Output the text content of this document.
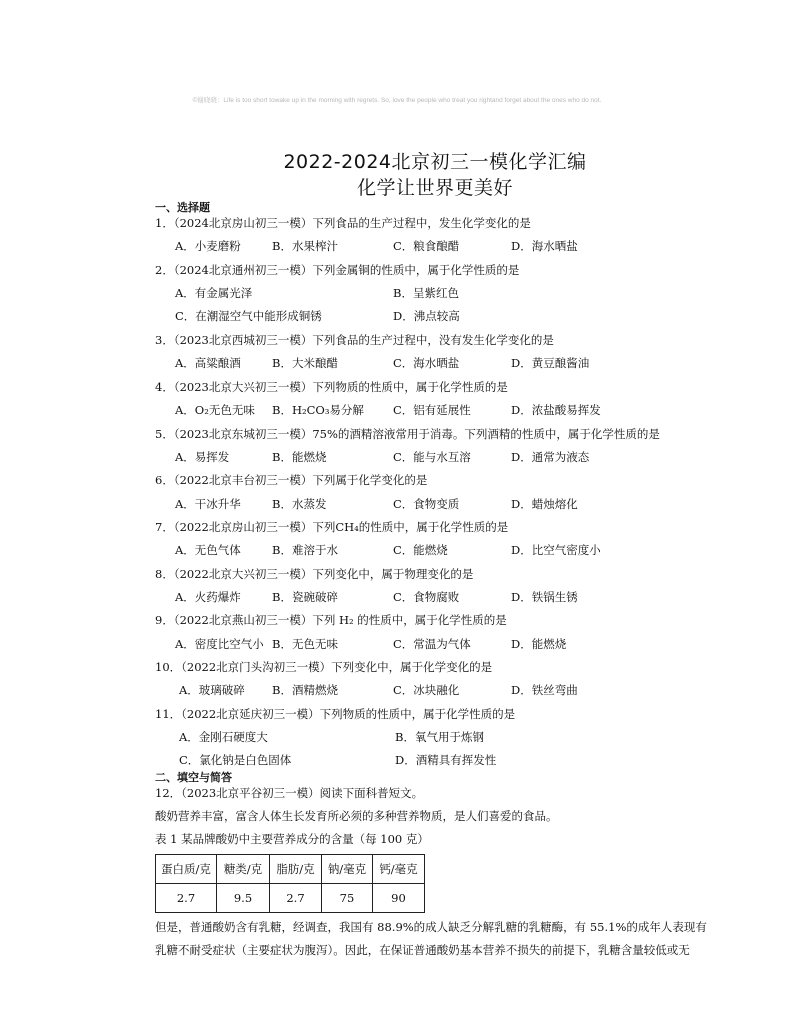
©谢晓晓：Life is too short towake up in the morning with regrets. So, love the people who treat you rightand forget about the ones who do not.
2022-2024北京初三一模化学汇编
化学让世界更美好
一、选择题
1．（2024北京房山初三一模）下列食品的生产过程中，发生化学变化的是
A．小麦磨粉	B．水果榨汁	C．粮食酿醋	D．海水晒盐
2．（2024北京通州初三一模）下列金属铜的性质中，属于化学性质的是
A．有金属光泽	B．呈紫红色
C．在潮湿空气中能形成铜锈	D．沸点较高
3．（2023北京西城初三一模）下列食品的生产过程中，没有发生化学变化的是
A．高粱酿酒	B．大米酿醋	C．海水晒盐	D．黄豆酿酱油
4．（2023北京大兴初三一模）下列物质的性质中，属于化学性质的是
A．O₂无色无味 B．H₂CO₃易分解	C．铝有延展性	D．浓盐酸易挥发
5．（2023北京东城初三一模）75%的酒精溶液常用于消毒。下列酒精的性质中，属于化学性质的是
A．易挥发	B．能燃烧	C．能与水互溶	D．通常为液态
6．（2022北京丰台初三一模）下列属于化学变化的是
A．干冰升华	B．水蒸发	C．食物变质	D．蜡烛熔化
7．（2022北京房山初三一模）下列CH₄的性质中，属于化学性质的是
A．无色气体	B．难溶于水	C．能燃烧	D．比空气密度小
8．（2022北京大兴初三一模）下列变化中，属于物理变化的是
A．火药爆炸	B．瓷碗破碎	C．食物腐败	D．铁锅生锈
9．（2022北京燕山初三一模）下列 H₂ 的性质中，属于化学性质的是
A．密度比空气小 B．无色无味	C．常温为气体	D．能燃烧
10．（2022北京门头沟初三一模）下列变化中，属于化学变化的是
A．玻璃破碎 B．酒精燃烧	C．冰块融化	D．铁丝弯曲
11．（2022北京延庆初三一模）下列物质的性质中，属于化学性质的是
A．金刚石硬度大	B．氧气用于炼钢
C．氯化钠是白色固体	D．酒精具有挥发性
二、填空与简答
12．（2023北京平谷初三一模）阅读下面科普短文。
酸奶营养丰富，富含人体生长发育所必须的多种营养物质，是人们喜爱的食品。
表 1 某品牌酸奶中主要营养成分的含量（每 100 克）
蛋白质/克	糖类/克	脂肪/克	钠/毫克	钙/毫克
2.7	9.5	2.7	75	90
但是，普通酸奶含有乳糖，经调查，我国有 88.9%的成人缺乏分解乳糖的乳糖酶，有 55.1%的成年人表现有
乳糖不耐受症状（主要症状为腹泻）。因此，在保证普通酸奶基本营养不损失的前提下，乳糖含量较低或无
